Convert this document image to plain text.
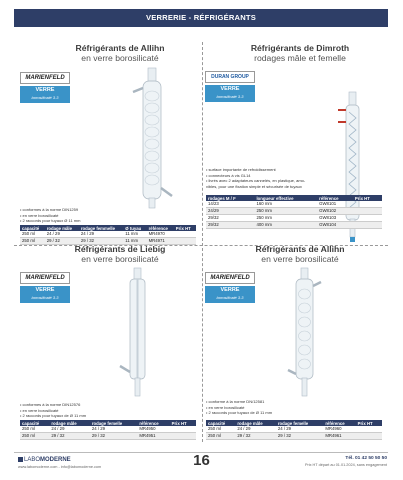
VERRERIE - RÉFRIGÉRANTS
Réfrigérants de Allihn
en verre borosilicaté
MARIENFELD
VERRE
borosilicaté 3.3
• conformes à la norme DIN1259
• en verre borosilicaté
• 2 raccords pour tuyaux Ø 11 mm
capacité	rodage mâle	rodage femmelle	Ø tuyau	référence	Prix HT
250 ml	24 / 29	24 / 29	11 mm	MR4970	
250 ml	29 / 32	29 / 32	11 mm	MR4971	
Réfrigérants de Dimroth
rodages mâle et femelle
DURAN GROUP
VERRE
borosilicaté 3.3
• surface importante de refroidissement
• connecteurs à vis GL14
• livrés avec 2 adaptateurs cannelés, en plastique, amo-
vibles, pour une fixation simple et sécurisée de tuyaux
rodages M / F	longueur effective	référence	Prix HT
14/23	160 mm	GW8101	
24/29	250 mm	GW8102	
29/32	250 mm	GW8103	
29/32	400 mm	GW8104	
Réfrigérants de Liebig
en verre borosilicaté
MARIENFELD
VERRE
borosilicaté 3.3
• conformes à la norme DIN12576
• en verre borosilicaté
• 2 raccords pour tuyaux de Ø 11 mm
capacité	rodage mâle	rodage femelle	référence	Prix HT
250 ml	24 / 29	24 / 29	MR4950	
250 ml	29 / 32	29 / 32	MR4951	
Réfrigérants de Allihn
en verre borosilicaté
MARIENFELD
VERRE
borosilicaté 3.3
• conforme à la norme DN/12581
• en verre borosilicaté
• 2 raccords pour tuyaux de Ø 11 mm
capacité	rodage mâle	rodage femelle	référence	Prix HT
250 ml	24 / 29	24 / 29	MR4960	
250 ml	29 / 32	29 / 32	MR4961	
LABOMODERNE
www.labomoderne.com - info@labomoderne.com	16	Tél. 01 42 50 50 50
Prix HT départ au 01.01.2024, sans engagement
